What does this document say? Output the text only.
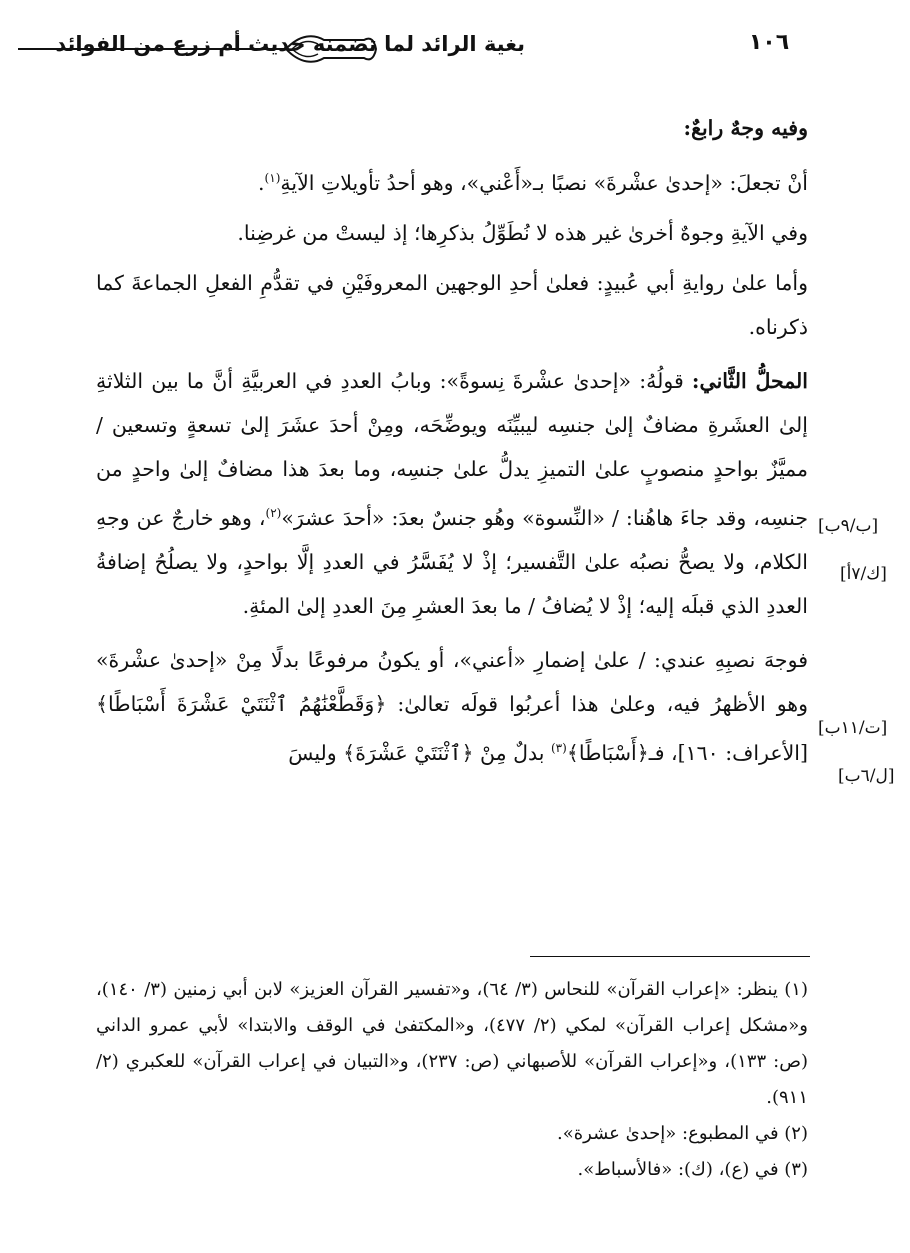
١٠٦
بغية الرائد لما تضمنه حديث أم زرع من الفوائد

وفيه وجهٌ رابعٌ:

أنْ تجعلَ: «إحدىٰ عشْرةَ» نصبًا بـ«أَعْني»، وهو أحدُ تأويلاتِ الآيةِ$^{(١)}$.

وفي الآيةِ وجوهٌ أخرىٰ غير هذه لا نُطَوِّلُ بذكرِها؛ إذ ليستْ من غرضِنا.

وأما علىٰ روايةِ أبي عُبيدٍ: فعلىٰ أحدِ الوجهين المعروفَيْنِ في تقدُّمِ الفعلِ الجماعةَ كما ذكرناه.

المحلُّ الثَّاني: قولُهُ: «إحدىٰ عشْرةَ نِسوةً»: وبابُ العددِ في العربيَّةِ أنَّ ما بين الثلاثةِ إلىٰ العشَرةِ مضافٌ إلىٰ جنسِه ليبيِّنَه ويوضِّحَه، ومِنْ أحدَ عشَرَ إلىٰ تسعةٍ وتسعين / مميَّزٌ بواحدٍ منصوبٍ علىٰ التميزِ يدلُّ علىٰ جنسِه، وما بعدَ هذا مضافٌ إلىٰ واحدٍ من جنسِه، وقد جاءَ هاهُنا: / «النِّسوة» وهُو جنسٌ بعدَ: «أحدَ عشرَ»$^{(٢)}$، وهو خارجٌ عن وجهِ الكلام، ولا يصحُّ نصبُه علىٰ التَّفسير؛ إذْ لا يُفَسَّرُ في العددِ إلَّا بواحدٍ، ولا يصلُحُ إضافةُ العددِ الذي قبلَه إليه؛ إذْ لا يُضافُ / ما بعدَ العشرِ مِنَ العددِ إلىٰ المئةِ.

فوجهَ نصبِهِ عندي: / علىٰ إضمارِ «أعني»، أو يكونُ مرفوعًا بدلًا مِنْ «إحدىٰ عشْرةَ» وهو الأظهرُ فيه، وعلىٰ هذا أعربُوا قولَه تعالىٰ: ﴿وَقَطَّعْنَٰهُمُ ٱثْنَتَيْ عَشْرَةَ أَسْبَاطًا﴾ [الأعراف: ١٦٠]، فـ﴿أَسْبَاطًا﴾$^{(٣)}$ بدلٌ مِنْ ﴿ٱثْنَتَيْ عَشْرَةَ﴾ وليسَ

[ب/٩ب]
[ك/٧أ]
[ت/١١ب]
[ل/٦ب]

(١) ينظر: «إعراب القرآن» للنحاس (٣/ ٦٤)، و«تفسير القرآن العزيز» لابن أبي زمنين (٣/ ١٤٠)، و«مشكل إعراب القرآن» لمكي (٢/ ٤٧٧)، و«المكتفىٰ في الوقف والابتدا» لأبي عمرو الداني (ص: ١٣٣)، و«إعراب القرآن» للأصبهاني (ص: ٢٣٧)، و«التبيان في إعراب القرآن» للعكبري (٢/ ٩١١).

(٢) في المطبوع: «إحدىٰ عشرة».

(٣) في (ع)، (ك): «فالأسباط».
